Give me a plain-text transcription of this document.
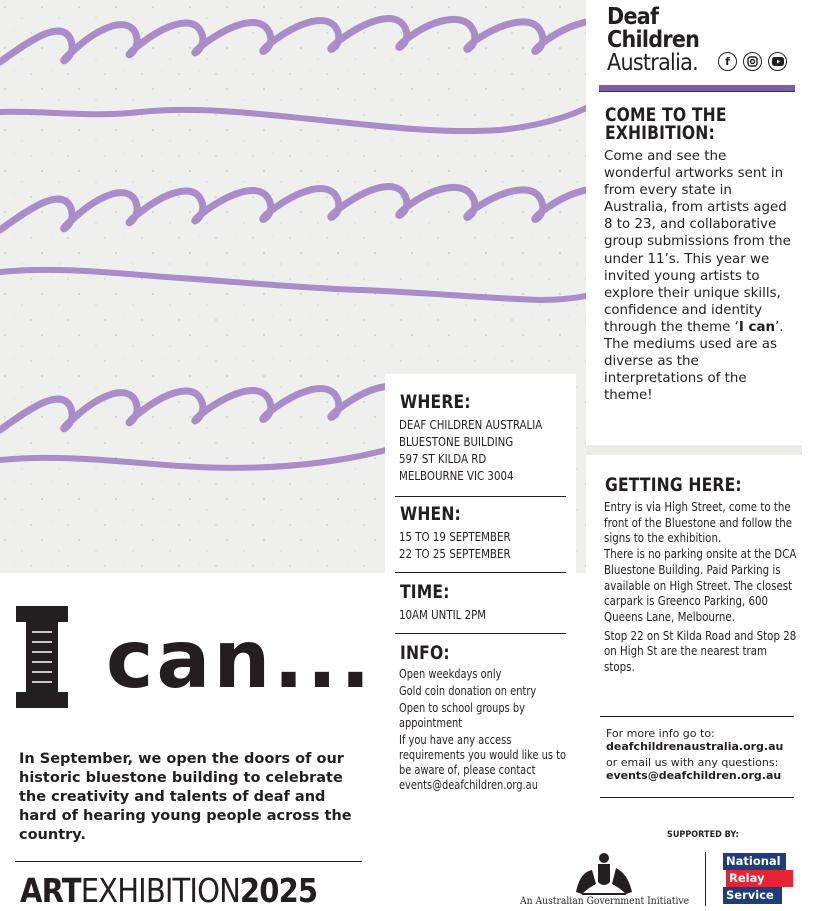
Deaf
Children
Australia.	f
COME TO THE
EXHIBITION:
Come and see the wonderful artworks sent in from every state in Australia, from artists aged 8 to 23, and collaborative group submissions from the under 11’s. This year we invited young artists to explore their unique skills, confidence and identity through the theme ‘I can’. The mediums used are as diverse as the interpretations of the theme!
GETTING HERE:
Entry is via High Street, come to the front of the Bluestone and follow the signs to the exhibition.
There is no parking onsite at the DCA Bluestone Building. Paid Parking is available on High Street. The closest carpark is Greenco Parking, 600 Queens Lane, Melbourne.
Stop 22 on St Kilda Road and Stop 28 on High St are the nearest tram stops.
For more info go to:
deafchildrenaustralia.org.au
or email us with any questions:
events@deafchildren.org.au
WHERE:
DEAF CHILDREN AUSTRALIA
BLUESTONE BUILDING
597 ST KILDA RD
MELBOURNE VIC 3004
WHEN:
15 TO 19 SEPTEMBER
22 TO 25 SEPTEMBER
TIME:
10AM UNTIL 2PM
INFO:
Open weekdays only
Gold coin donation on entry
Open to school groups by appointment
If you have any access requirements you would like us to be aware of, please contact events@deafchildren.org.au
can...
In September, we open the doors of our historic bluestone building to celebrate the creativity and talents of deaf and hard of hearing young people across the country.
ARTEXHIBITION2025
SUPPORTED BY:
An Australian Government Initiative
National
Relay
Service
